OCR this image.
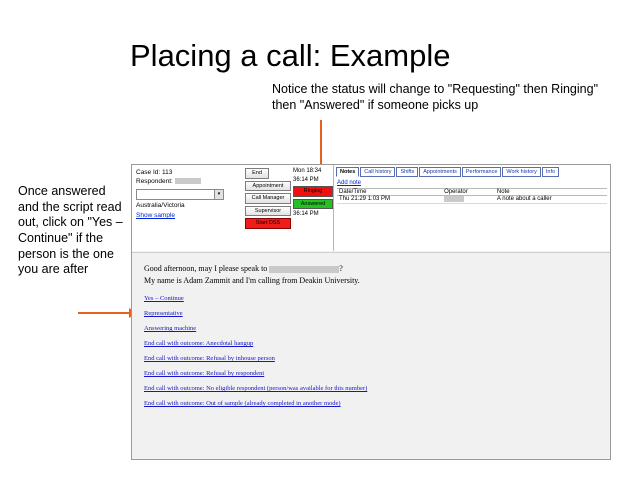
Placing a call: Example
Notice the status will change to "Requesting" then Ringing" then "Answered" if someone picks up
Once answered and the script read out, click on "Yes – Continue" if the person is the one you are after
Case Id: 113
Respondent:
▾
Australia/Victoria
Show sample
End
Appointment
Call Manager
Supervisor
Start DSS
Mon 18:34
36:14 PM
Ringing
Answered
36:14 PM
Notes	Call history	Shifts	Appointments	Performance	Work history	Info
Add note
Date/Time	Operator	Note
Thu 21:29 1:03 PM		A note about a caller
Good afternoon, may I please speak to	?
My name is Adam Zammit and I'm calling from Deakin University.
Yes – Continue
Representative
Answering machine
End call with outcome: Anecdotal hangup
End call with outcome: Refusal by inhouse person
End call with outcome: Refusal by respondent
End call with outcome: No eligible respondent (person/was available for this number)
End call with outcome: Out of sample (already completed in another mode)
